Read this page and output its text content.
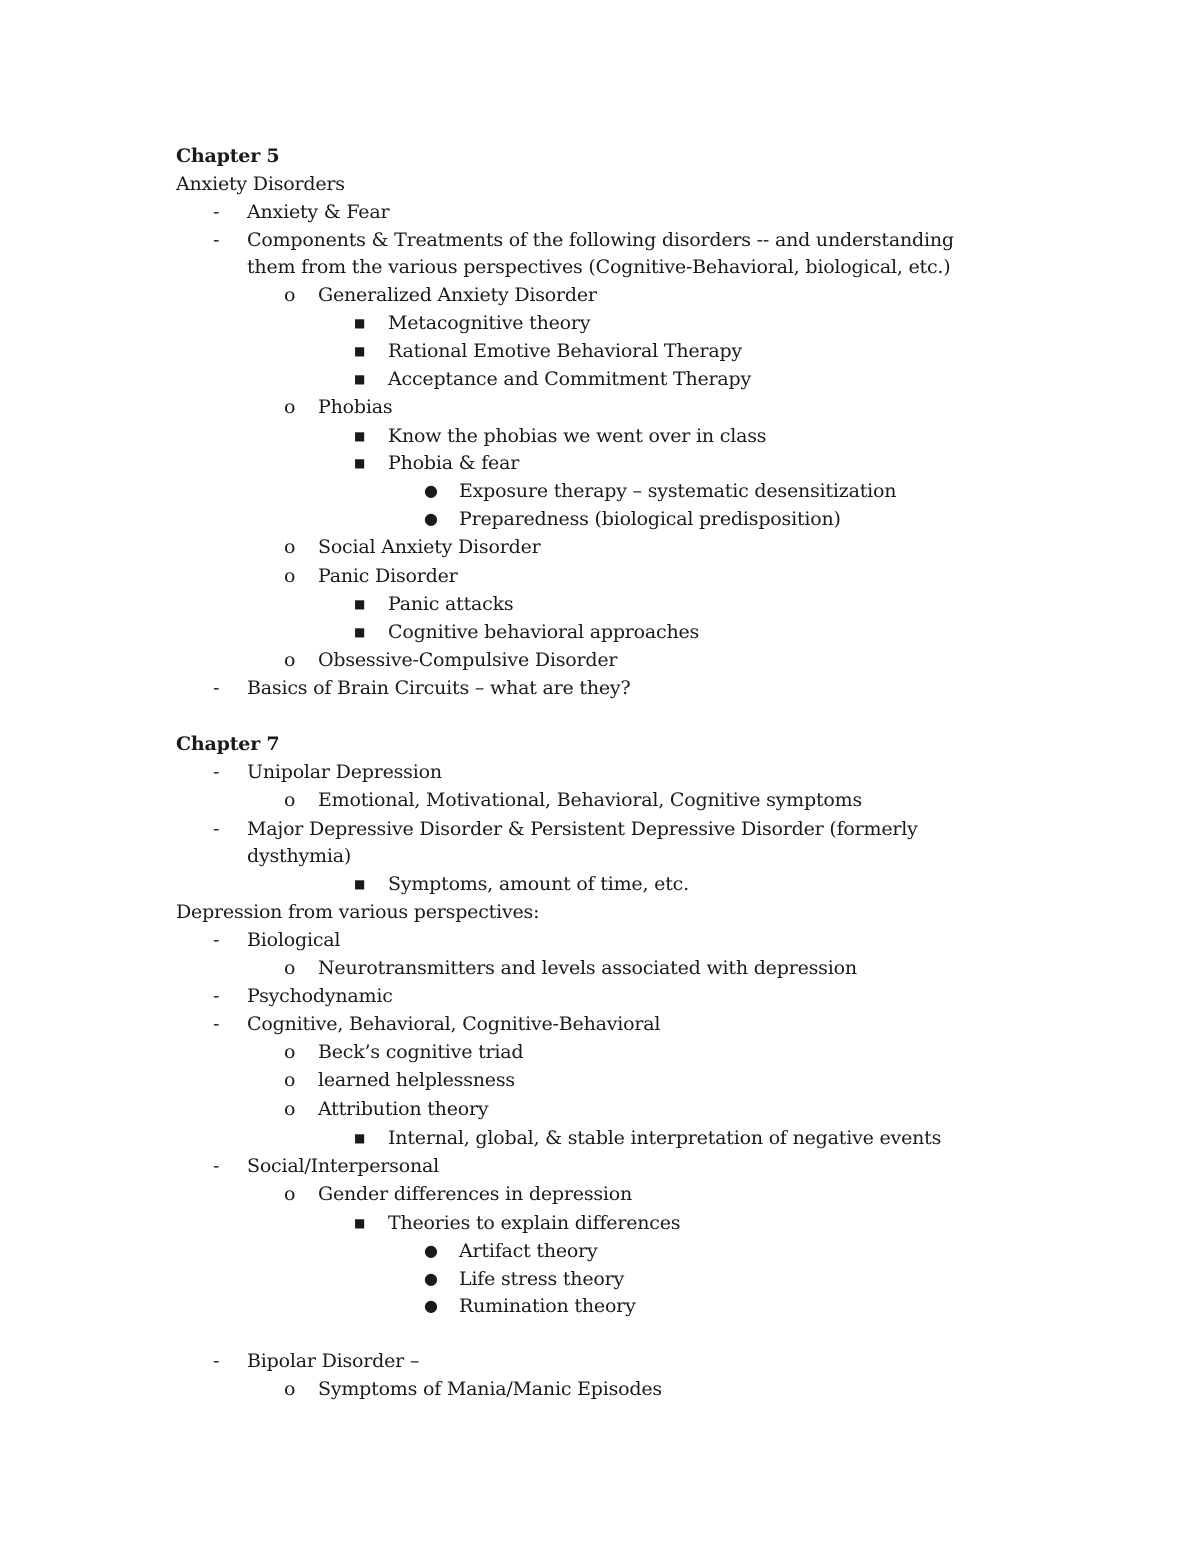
Chapter 5
Anxiety Disorders
- Anxiety & Fear
- Components & Treatments of the following disorders -- and understanding
them from the various perspectives (Cognitive-Behavioral, biological, etc.)
o Generalized Anxiety Disorder
■ Metacognitive theory
■ Rational Emotive Behavioral Therapy
■ Acceptance and Commitment Therapy
o Phobias
■ Know the phobias we went over in class
■ Phobia & fear
● Exposure therapy – systematic desensitization
● Preparedness (biological predisposition)
o Social Anxiety Disorder
o Panic Disorder
■ Panic attacks
■ Cognitive behavioral approaches
o Obsessive-Compulsive Disorder
- Basics of Brain Circuits – what are they?
Chapter 7
- Unipolar Depression
o Emotional, Motivational, Behavioral, Cognitive symptoms
- Major Depressive Disorder & Persistent Depressive Disorder (formerly
dysthymia)
■ Symptoms, amount of time, etc.
Depression from various perspectives:
- Biological
o Neurotransmitters and levels associated with depression
- Psychodynamic
- Cognitive, Behavioral, Cognitive-Behavioral
o Beck’s cognitive triad
o learned helplessness
o Attribution theory
■ Internal, global, & stable interpretation of negative events
- Social/Interpersonal
o Gender differences in depression
■ Theories to explain differences
● Artifact theory
● Life stress theory
● Rumination theory
- Bipolar Disorder –
o Symptoms of Mania/Manic Episodes
